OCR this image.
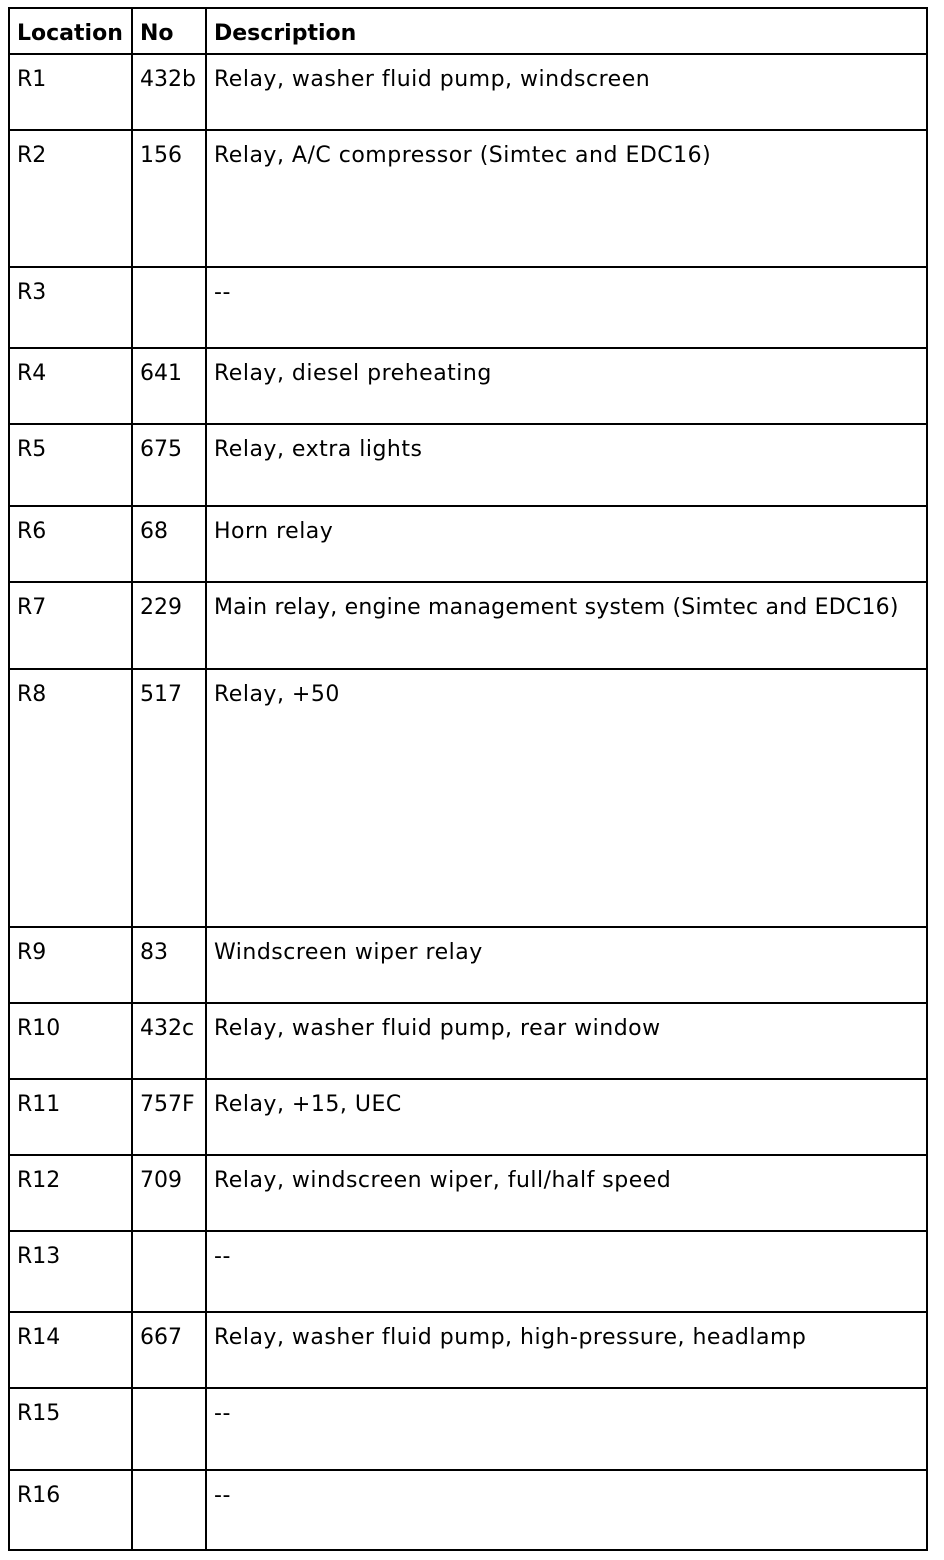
Location	No	Description
R1	432b	Relay, washer fluid pump, windscreen
R2	156	Relay, A/C compressor (Simtec and EDC16)
R3		--
R4	641	Relay, diesel preheating
R5	675	Relay, extra lights
R6	68	Horn relay
R7	229	Main relay, engine management system (Simtec and EDC16)
R8	517	Relay, +50
R9	83	Windscreen wiper relay
R10	432c	Relay, washer fluid pump, rear window
R11	757F	Relay, +15, UEC
R12	709	Relay, windscreen wiper, full/half speed
R13		--
R14	667	Relay, washer fluid pump, high-pressure, headlamp
R15		--
R16		--
